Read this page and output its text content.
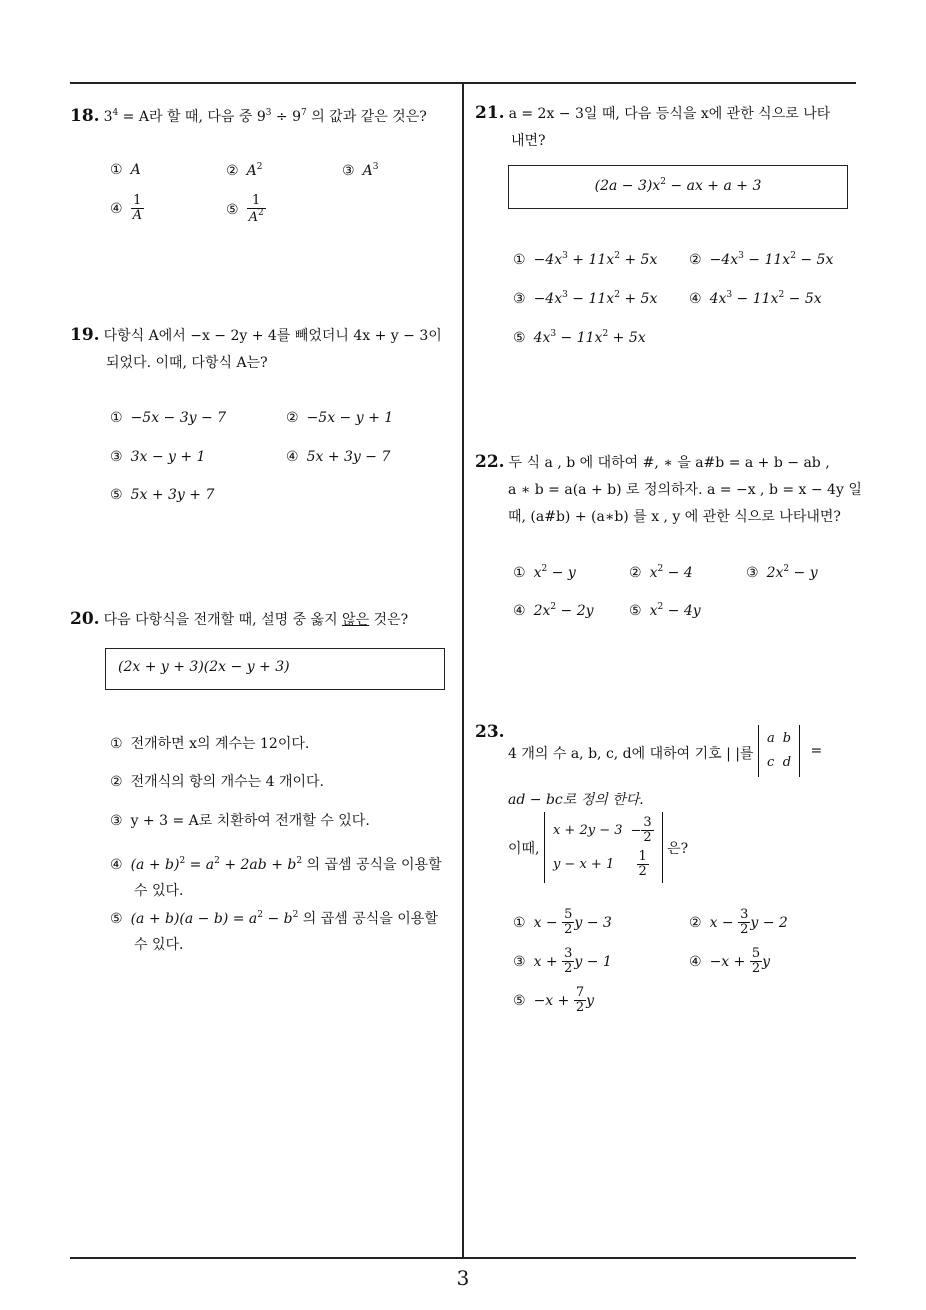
18. $3^4 = A$라 할 때, 다음 중 $9^3 \div 9^7$ 의 값과 같은 것은?
① A	② $A^2$	③ $A^3$
④ $\frac{1}{A}$	⑤ $\frac{1}{A^2}$
19. 다항식 A에서 −x − 2y + 4를 빼었더니 4x + y − 3이
되었다. 이때, 다항식 A는?
① −5x − 3y − 7	② −5x − y + 1
③ 3x − y + 1	④ 5x + 3y − 7
⑤ 5x + 3y + 7
20. 다음 다항식을 전개할 때, 설명 중 옳지 않은 것은?
(2x + y + 3)(2x − y + 3)
① 전개하면 x의 계수는 12이다.
② 전개식의 항의 개수는 4 개이다.
③ y + 3 = A로 치환하여 전개할 수 있다.
④ $(a + b)^2 = a^2 + 2ab + b^2$ 의 곱셈 공식을 이용할
수 있다.
⑤ $(a + b)(a - b) = a^2 - b^2$ 의 곱셈 공식을 이용할
수 있다.
21. a = 2x − 3일 때, 다음 등식을 x에 관한 식으로 나타
내면?
$(2a - 3)x^2$ − ax + a + 3
① $-4x^3 + 11x^2 + 5x$ ② $-4x^3 - 11x^2 - 5x$
③ $-4x^3 - 11x^2 + 5x$ ④ $4x^3 - 11x^2 - 5x$
⑤ $4x^3 - 11x^2 + 5x$
22. 두 식 a , b 에 대하여 #, ∗ 을 a#b = a + b − ab ,
a ∗ b = a(a + b) 로 정의하자. a = −x , b = x − 4y 일
때, (a#b) + (a∗b) 를 x , y 에 관한 식으로 나타내면?
① $x^2 - y$	② $x^2 - 4$	③ $2x^2 - y$
④ $2x^2 - 2y$	⑤ $x^2 - 4y$
23.
4 개의 수 a, b, c, d에 대하여 기호 | |를
a	b
c	d
=
ad − bc로 정의 한다.
이때,
x + 2y − 3	− $\frac{3}{2}$

y − x + 1	$\frac{1}{2}$
은?
① $x - \frac{5}{2}$ y − 3	② $x - \frac{3}{2}$ y − 2
③ $x + \frac{3}{2}$ y − 1	④ $-x + \frac{5}{2}$ y
⑤ $-x + \frac{7}{2}$ y
3
